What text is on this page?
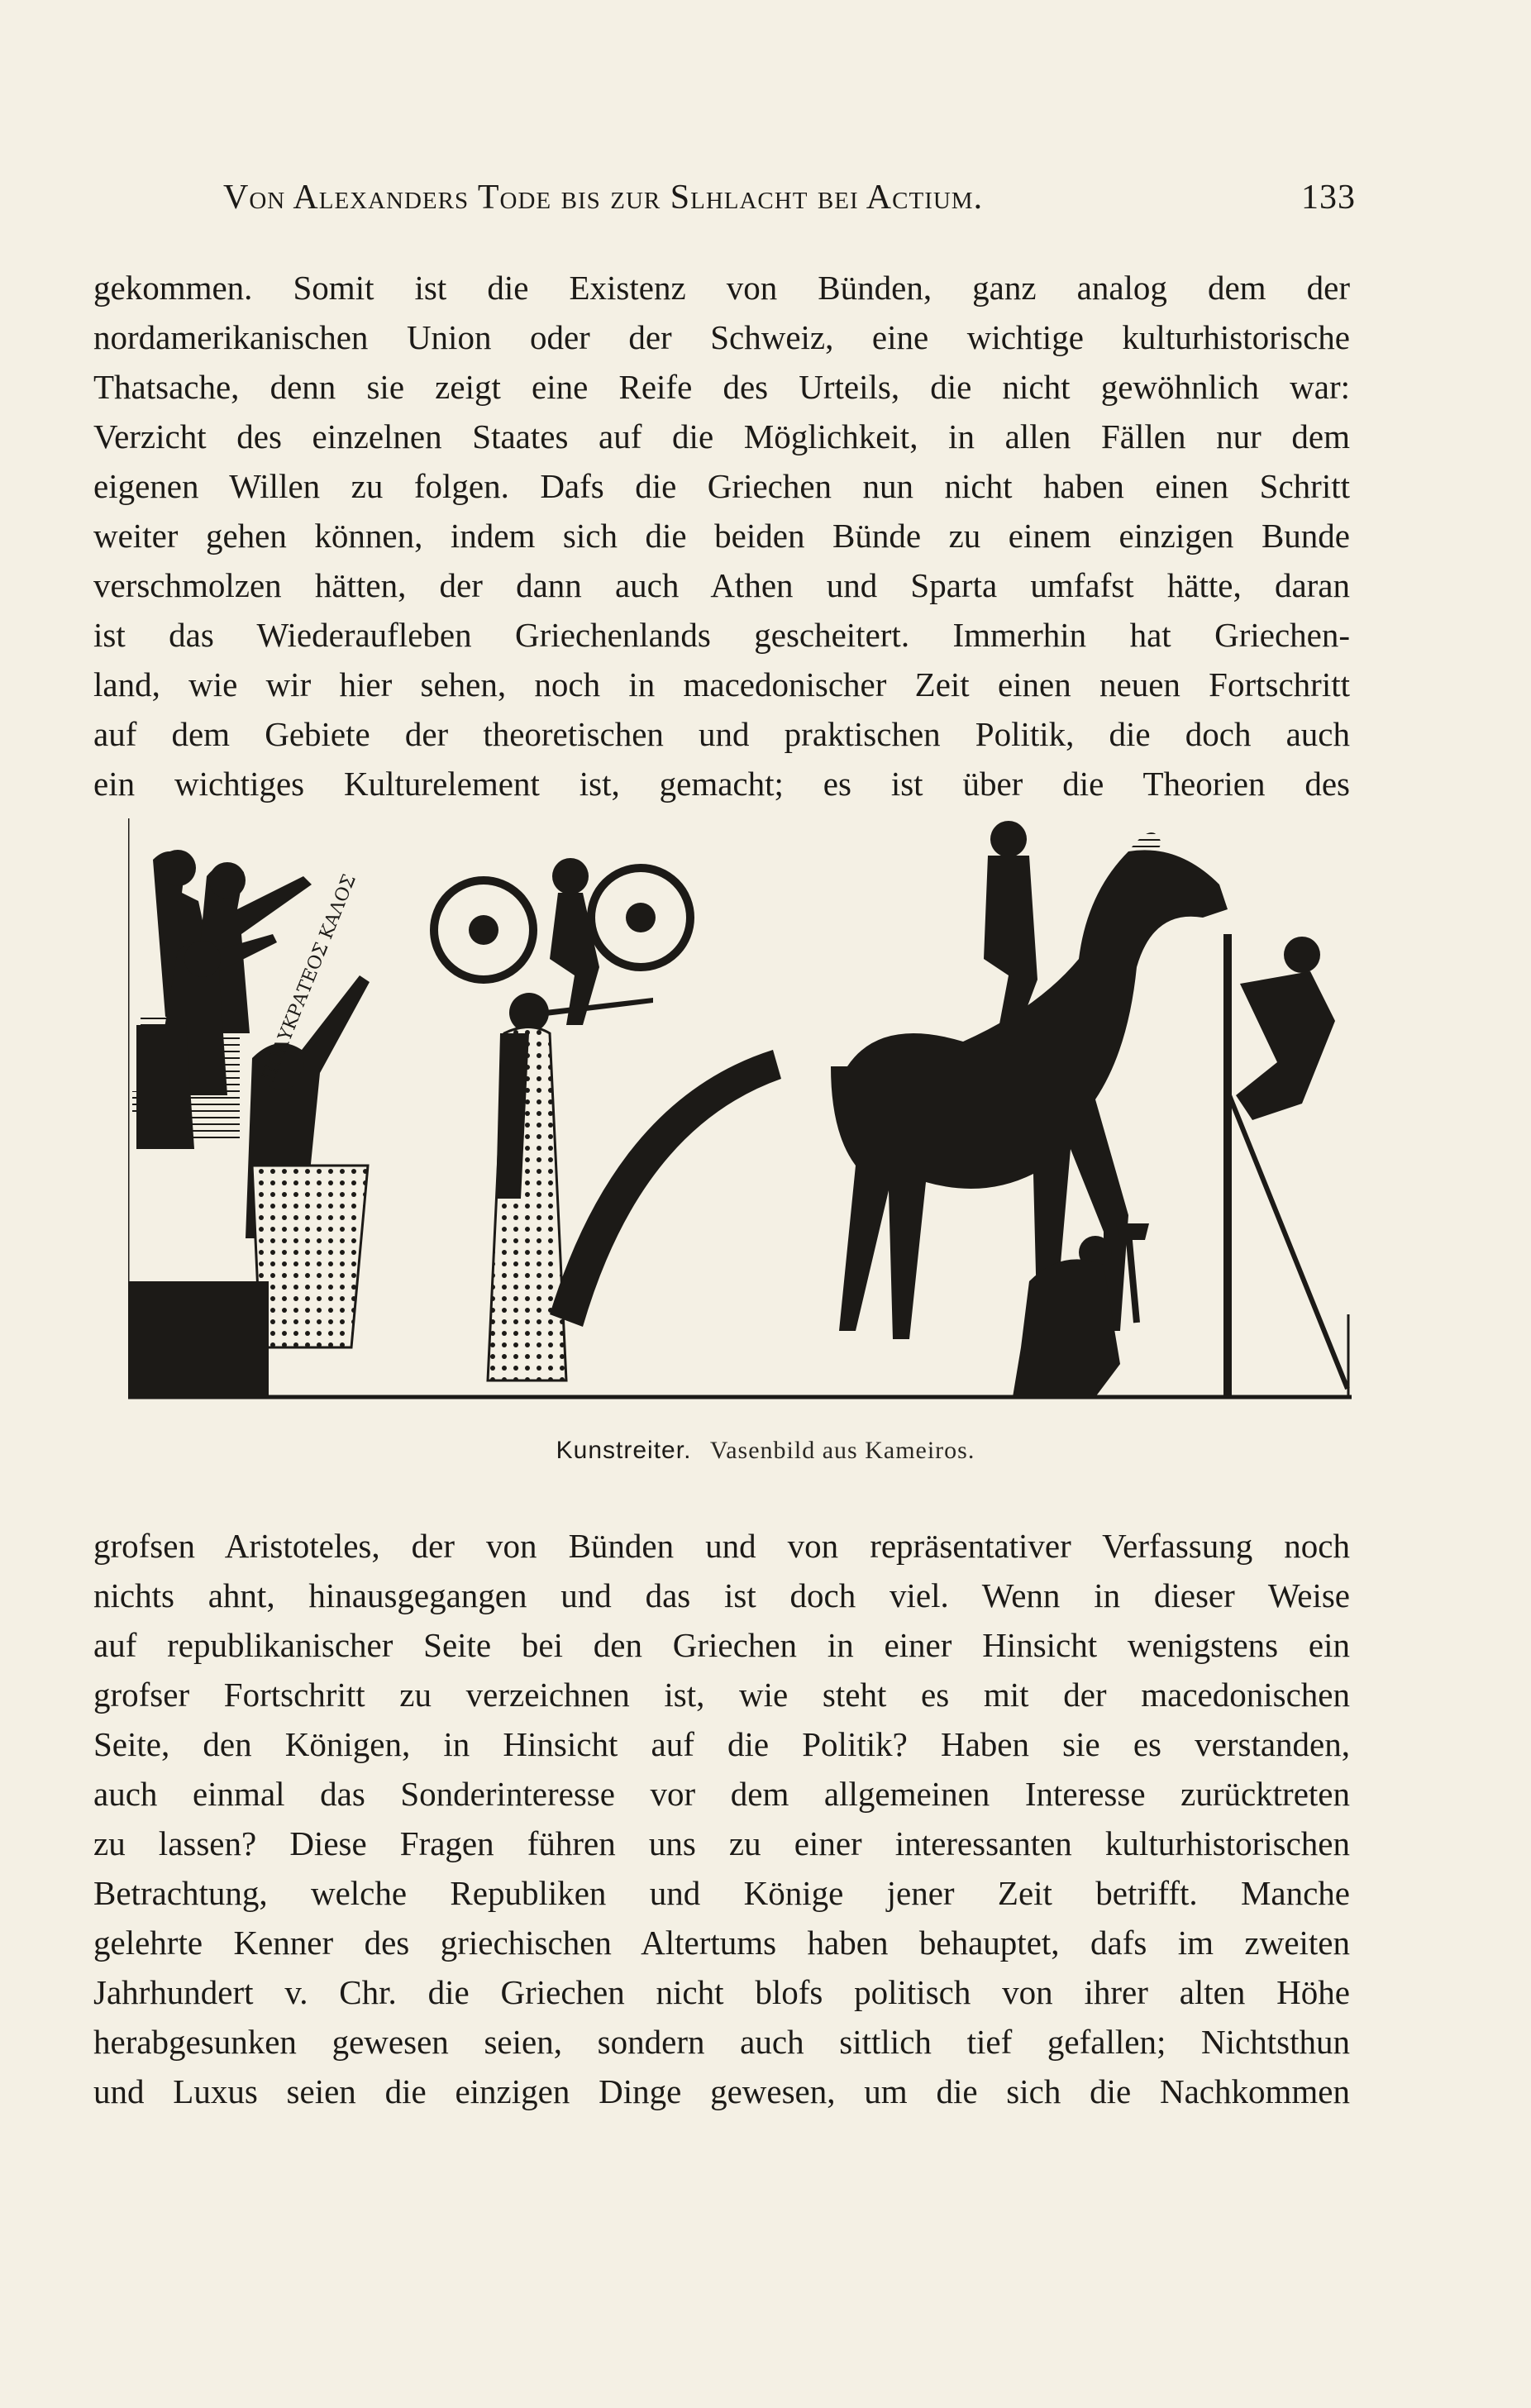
Von Alexanders Tode bis zur Slhlacht bei Actium.	133
gekommen. Somit ist die Existenz von Bünden, ganz analog dem der
nordamerikanischen Union oder der Schweiz, eine wichtige kulturhistorische
Thatsache, denn sie zeigt eine Reife des Urteils, die nicht gewöhnlich war:
Verzicht des einzelnen Staates auf die Möglichkeit, in allen Fällen nur dem
eigenen Willen zu folgen. Dafs die Griechen nun nicht haben einen Schritt
weiter gehen können, indem sich die beiden Bünde zu einem einzigen Bunde
verschmolzen hätten, der dann auch Athen und Sparta umfafst hätte, daran
ist das Wiederaufleben Griechenlands gescheitert. Immerhin hat Griechen-
land, wie wir hier sehen, noch in macedonischer Zeit einen neuen Fortschritt
auf dem Gebiete der theoretischen und praktischen Politik, die doch auch
ein wichtiges Kulturelement ist, gemacht; es ist über die Theorien des
ΠΟΛΥΚΡΑΤΕΟΣ ΚΑΛΟΣ
Kunstreiter. Vasenbild aus Kameiros.
grofsen Aristoteles, der von Bünden und von repräsentativer Verfassung noch
nichts ahnt, hinausgegangen und das ist doch viel. Wenn in dieser Weise
auf republikanischer Seite bei den Griechen in einer Hinsicht wenigstens ein
grofser Fortschritt zu verzeichnen ist, wie steht es mit der macedonischen
Seite, den Königen, in Hinsicht auf die Politik? Haben sie es verstanden,
auch einmal das Sonderinteresse vor dem allgemeinen Interesse zurücktreten
zu lassen? Diese Fragen führen uns zu einer interessanten kulturhistorischen
Betrachtung, welche Republiken und Könige jener Zeit betrifft. Manche
gelehrte Kenner des griechischen Altertums haben behauptet, dafs im zweiten
Jahrhundert v. Chr. die Griechen nicht blofs politisch von ihrer alten Höhe
herabgesunken gewesen seien, sondern auch sittlich tief gefallen; Nichtsthun
und Luxus seien die einzigen Dinge gewesen, um die sich die Nachkommen
